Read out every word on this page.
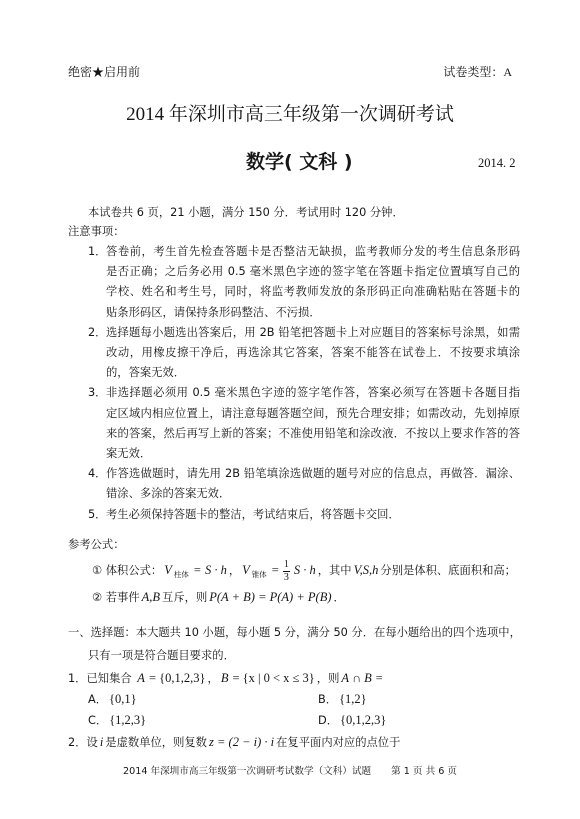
绝密★启用前	试卷类型：A
2014 年深圳市高三年级第一次调研考试
数学( 文科 )	2014. 2
本试卷共 6 页，21 小题，满分 150 分．考试用时 120 分钟．
注意事项：
1． 答卷前，考生首先检查答题卡是否整洁无缺损，监考教师分发的考生信息条形码
是否正确；之后务必用 0.5 毫米黑色字迹的签字笔在答题卡指定位置填写自己的
学校、姓名和考生号，同时，将监考教师发放的条形码正向准确粘贴在答题卡的
贴条形码区，请保持条形码整洁、不污损．
2． 选择题每小题选出答案后，用 2B 铅笔把答题卡上对应题目的答案标号涂黑，如需
改动，用橡皮擦干净后，再选涂其它答案，答案不能答在试卷上．不按要求填涂
的，答案无效．
3． 非选择题必须用 0.5 毫米黑色字迹的签字笔作答，答案必须写在答题卡各题目指
定区域内相应位置上，请注意每题答题空间，预先合理安排；如需改动，先划掉原
来的答案，然后再写上新的答案；不准使用铅笔和涂改液．不按以上要求作答的答
案无效．
4． 作答选做题时，请先用 2B 铅笔填涂选做题的题号对应的信息点，再做答．漏涂、
错涂、多涂的答案无效．
5． 考生必须保持答题卡的整洁，考试结束后，将答题卡交回．
参考公式：
① 体积公式： V $_{柱体}$ = S · h ， V $_{锥体} = \frac{1}{3}$ S · h ，其中 V,S,h 分别是体积、底面积和高；
② 若事件 A,B 互斥，则 P(A + B) = P(A) + P(B) ．
一、选择题：本大题共 10 小题，每小题 5 分，满分 50 分．在每小题给出的四个选项中，
只有一项是符合题目要求的．
1．已知集合 A = {0,1,2,3} ， B = {x | 0 < x ≤ 3} ，则 A ∩ B =
A． {0,1}	B． {1,2}
C． {1,2,3}	D． {0,1,2,3}
2．设 i 是虚数单位，则复数 z = (2 − i) · i 在复平面内对应的点位于
2014 年深圳市高三年级第一次调研考试数学（文科）试题 第 1 页 共 6 页
